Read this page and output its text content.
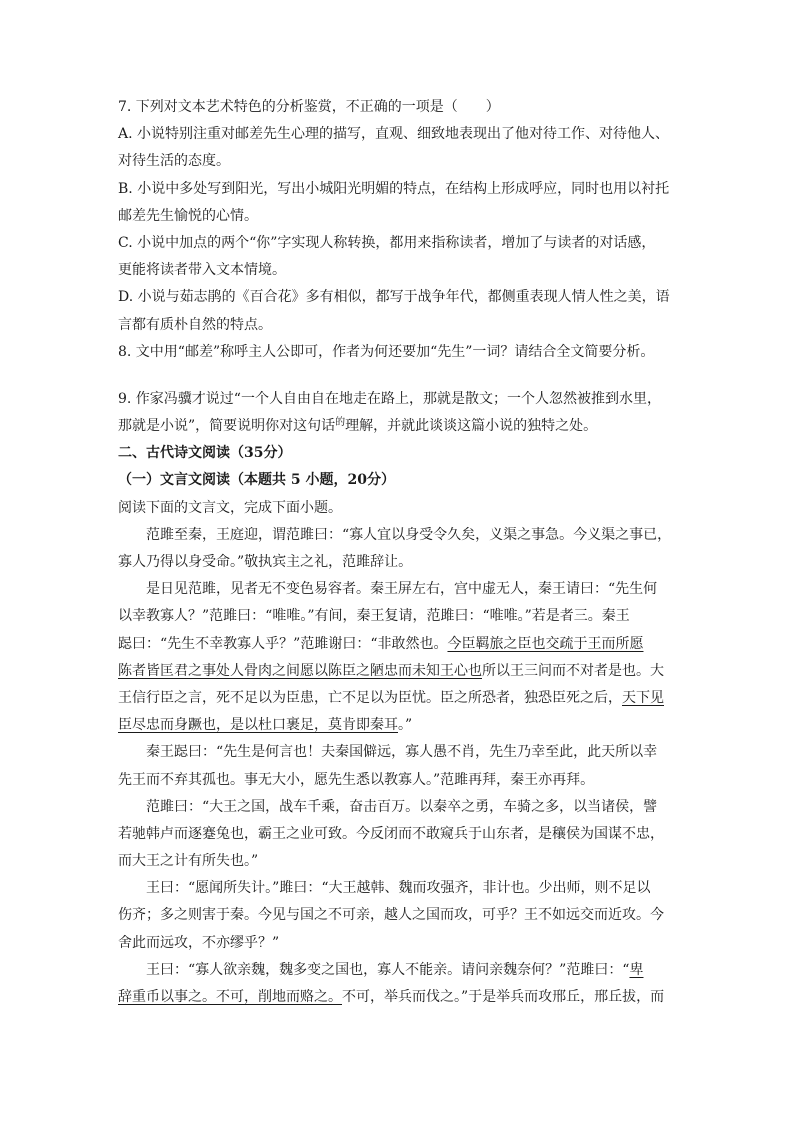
7. 下列对文本艺术特色的分析鉴赏，不正确的一项是（　　）
A. 小说特别注重对邮差先生心理的描写，直观、细致地表现出了他对待工作、对待他人、
对待生活的态度。
B. 小说中多处写到阳光，写出小城阳光明媚的特点，在结构上形成呼应，同时也用以衬托
邮差先生愉悦的心情。
C. 小说中加点的两个“你”字实现人称转换，都用来指称读者，增加了与读者的对话感，
更能将读者带入文本情境。
D. 小说与茹志鹃的《百合花》多有相似，都写于战争年代，都侧重表现人情人性之美，语
言都有质朴自然的特点。
8. 文中用“邮差”称呼主人公即可，作者为何还要加“先生”一词？请结合全文简要分析。
9. 作家冯骥才说过“一个人自由自在地走在路上，那就是散文；一个人忽然被推到水里，
那就是小说”，简要说明你对这句话$^的$理解，并就此谈谈这篇小说的独特之处。
二、古代诗文阅读（35分）
（一）文言文阅读（本题共 5 小题，20分）
阅读下面的文言文，完成下面小题。
范雎至秦，王庭迎，谓范雎曰：“寡人宜以身受令久矣，义渠之事急。今义渠之事已，
寡人乃得以身受命。”敬执宾主之礼，范雎辞让。
是日见范雎，见者无不变色易容者。秦王屏左右，宫中虚无人，秦王请曰：“先生何
以幸教寡人？”范雎曰：“唯唯。”有间，秦王复请，范雎曰：“唯唯。”若是者三。秦王
跽曰：“先生不幸教寡人乎？”范雎谢曰：“非敢然也。今臣羁旅之臣也交疏于王而所愿
陈者皆匡君之事处人骨肉之间愿以陈臣之陋忠而未知王心也所以王三问而不对者是也。大
王信行臣之言，死不足以为臣患，亡不足以为臣忧。臣之所恐者，独恐臣死之后，天下见
臣尽忠而身蹶也，是以杜口裹足，莫肯即秦耳。”
秦王跽曰：“先生是何言也！夫秦国僻远，寡人愚不肖，先生乃幸至此，此天所以幸
先王而不弃其孤也。事无大小，愿先生悉以教寡人。”范雎再拜，秦王亦再拜。
范雎曰：“大王之国，战车千乘，奋击百万。以秦卒之勇，车骑之多，以当诸侯，譬
若驰韩卢而逐蹇兔也，霸王之业可致。今反闭而不敢窥兵于山东者，是穰侯为国谋不忠，
而大王之计有所失也。”
王曰：“愿闻所失计。”雎曰：“大王越韩、魏而攻强齐，非计也。少出师，则不足以
伤齐；多之则害于秦。今见与国之不可亲，越人之国而攻，可乎？王不如远交而近攻。今
舍此而远攻，不亦缪乎？”
王曰：“寡人欲亲魏，魏多变之国也，寡人不能亲。请问亲魏奈何？”范雎曰：“卑
辞重币以事之。不可，削地而赂之。不可，举兵而伐之。”于是举兵而攻邢丘，邢丘拔，而
